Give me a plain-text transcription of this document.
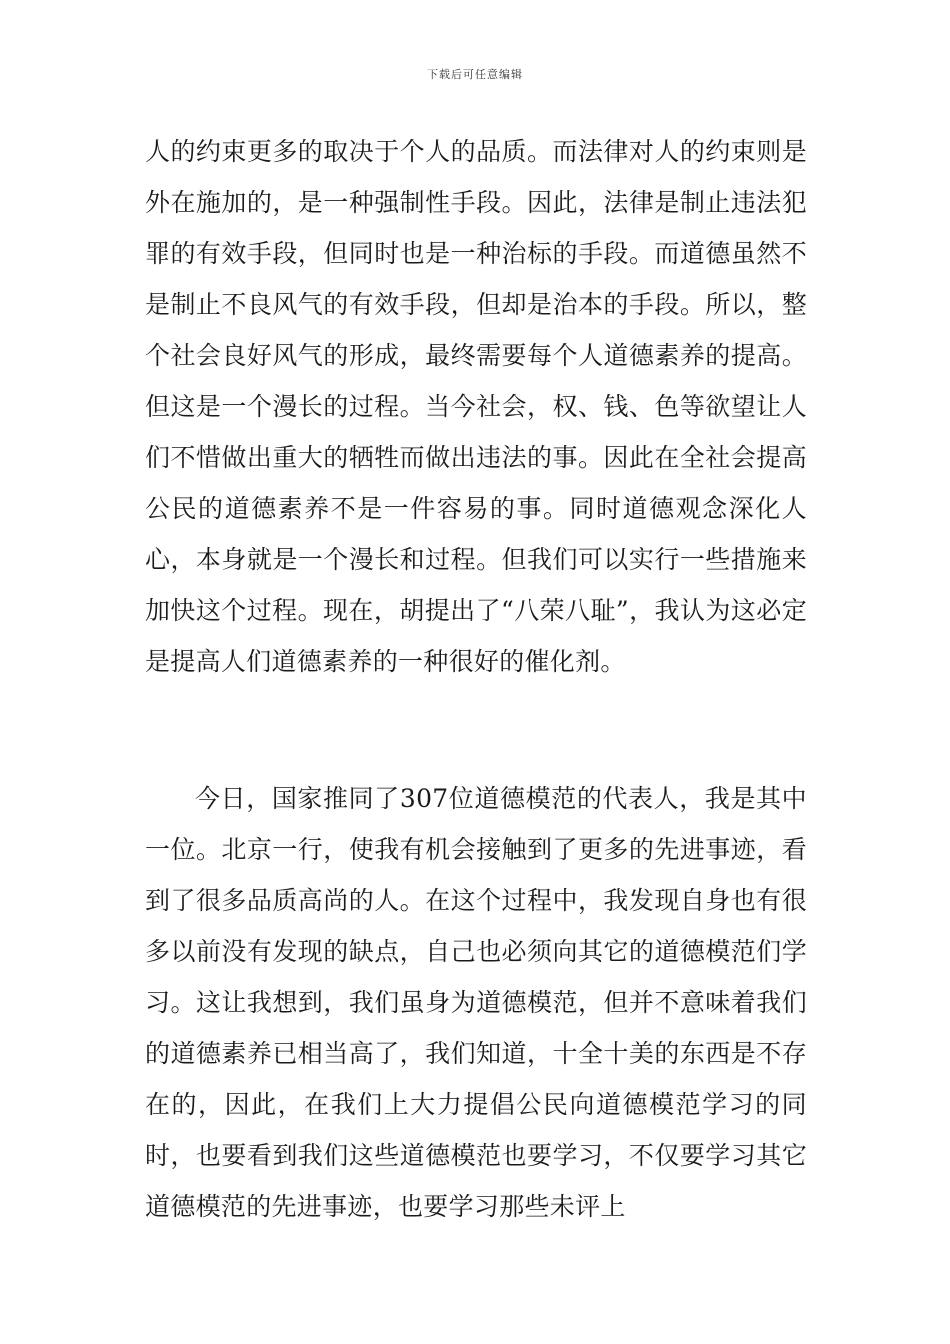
下载后可任意编辑

人的约束更多的取决于个人的品质。而法律对人的约束则是外在施加的，是一种强制性手段。因此，法律是制止违法犯罪的有效手段，但同时也是一种治标的手段。而道德虽然不是制止不良风气的有效手段，但却是治本的手段。所以，整个社会良好风气的形成，最终需要每个人道德素养的提高。但这是一个漫长的过程。当今社会，权、钱、色等欲望让人们不惜做出重大的牺牲而做出违法的事。因此在全社会提高公民的道德素养不是一件容易的事。同时道德观念深化人心，本身就是一个漫长和过程。但我们可以实行一些措施来加快这个过程。现在，胡提出了“八荣八耻”，我认为这必定是提高人们道德素养的一种很好的催化剂。

今日，国家推同了307位道德模范的代表人，我是其中一位。北京一行，使我有机会接触到了更多的先进事迹，看到了很多品质高尚的人。在这个过程中，我发现自身也有很多以前没有发现的缺点，自己也必须向其它的道德模范们学习。这让我想到，我们虽身为道德模范，但并不意味着我们的道德素养已相当高了，我们知道，十全十美的东西是不存在的，因此，在我们上大力提倡公民向道德模范学习的同时，也要看到我们这些道德模范也要学习，不仅要学习其它道德模范的先进事迹，也要学习那些未评上
